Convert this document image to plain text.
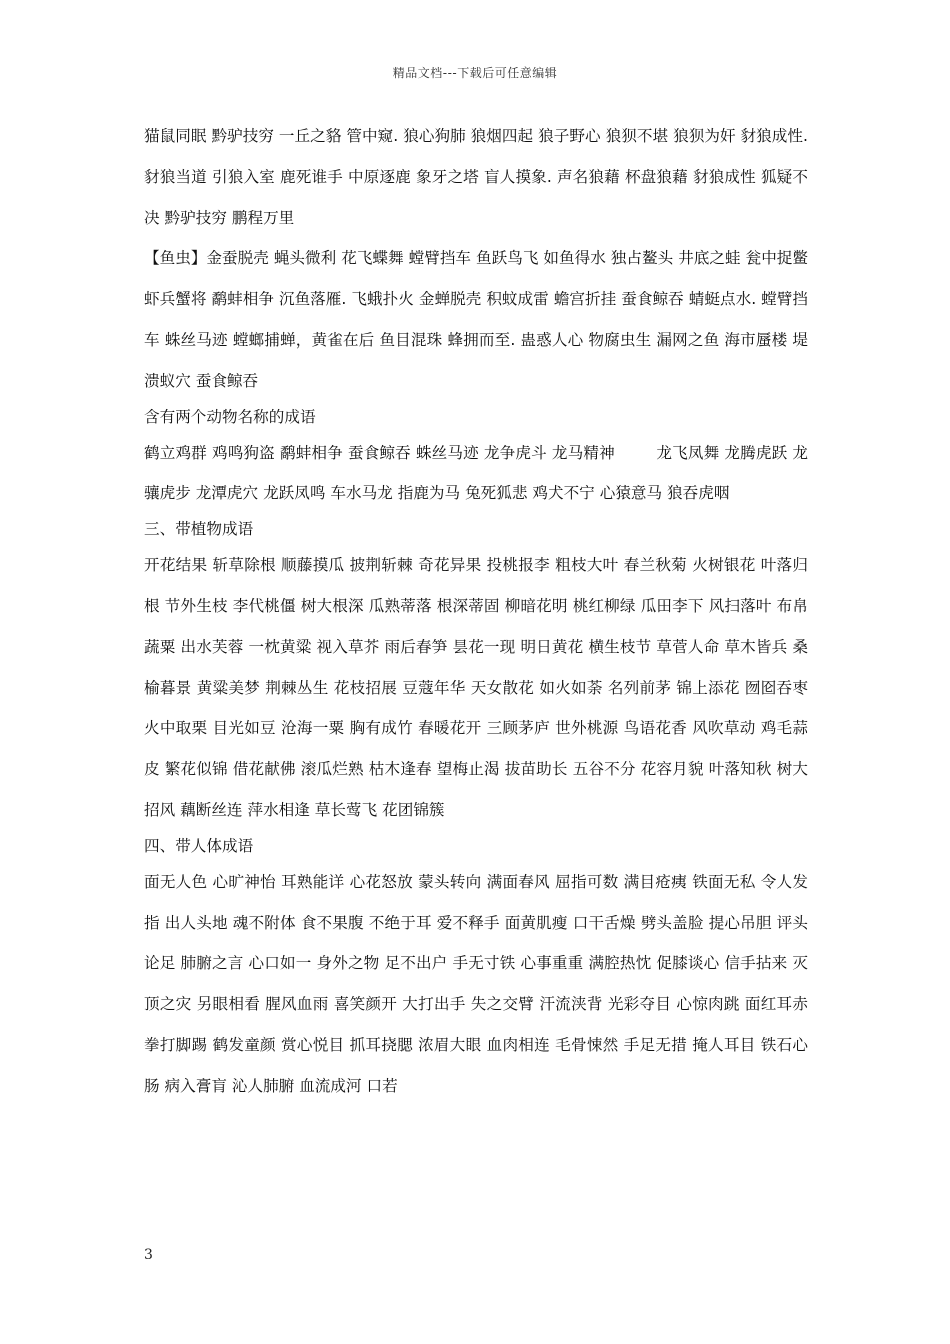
精品文档---下载后可任意编辑

猫鼠同眠 黔驴技穷 一丘之貉 管中窥. 狼心狗肺 狼烟四起 狼子野心 狼狈不堪 狼狈为奸 豺狼成性. 豺狼当道 引狼入室 鹿死谁手 中原逐鹿 象牙之塔 盲人摸象. 声名狼藉 杯盘狼藉 豺狼成性 狐疑不决 黔驴技穷 鹏程万里

【鱼虫】金蚕脱壳 蝇头微利 花飞蝶舞 螳臂挡车 鱼跃鸟飞 如鱼得水 独占鳌头 井底之蛙 瓮中捉鳖 虾兵蟹将 鹬蚌相争 沉鱼落雁. 飞蛾扑火 金蝉脱壳 积蚊成雷 蟾宫折挂 蚕食鲸吞 蜻蜓点水. 螳臂挡车 蛛丝马迹 螳螂捕蝉，黄雀在后 鱼目混珠 蜂拥而至. 蛊惑人心 物腐虫生 漏网之鱼 海市蜃楼 堤溃蚁穴 蚕食鲸吞

含有两个动物名称的成语

鹤立鸡群 鸡鸣狗盗 鹬蚌相争 蚕食鲸吞 蛛丝马迹 龙争虎斗 龙马精神 　　 龙飞凤舞 龙腾虎跃 龙骧虎步 龙潭虎穴 龙跃凤鸣 车水马龙 指鹿为马 兔死狐悲 鸡犬不宁 心猿意马 狼吞虎咽

三、带植物成语

开花结果 斩草除根 顺藤摸瓜 披荆斩棘 奇花异果 投桃报李 粗枝大叶 春兰秋菊 火树银花 叶落归根 节外生枝 李代桃僵 树大根深 瓜熟蒂落 根深蒂固 柳暗花明 桃红柳绿 瓜田李下 风扫落叶 布帛蔬粟 出水芙蓉 一枕黄粱 视入草芥 雨后春笋 昙花一现 明日黄花 横生枝节 草菅人命 草木皆兵 桑榆暮景 黄粱美梦 荆棘丛生 花枝招展 豆蔻年华 天女散花 如火如荼 名列前茅 锦上添花 囫囵吞枣 火中取栗 目光如豆 沧海一粟 胸有成竹 春暖花开 三顾茅庐 世外桃源 鸟语花香 风吹草动 鸡毛蒜皮 繁花似锦 借花献佛 滚瓜烂熟 枯木逢春 望梅止渴 拔苗助长 五谷不分 花容月貌 叶落知秋 树大招风 藕断丝连 萍水相逢 草长莺飞 花团锦簇

四、带人体成语

面无人色 心旷神怡 耳熟能详 心花怒放 蒙头转向 满面春风 屈指可数 满目疮痍 铁面无私 令人发指 出人头地 魂不附体 食不果腹 不绝于耳 爱不释手 面黄肌瘦 口干舌燥 劈头盖脸 提心吊胆 评头论足 肺腑之言 心口如一 身外之物 足不出户 手无寸铁 心事重重 满腔热忱 促膝谈心 信手拈来 灭顶之灾 另眼相看 腥风血雨 喜笑颜开 大打出手 失之交臂 汗流浃背 光彩夺目 心惊肉跳 面红耳赤 拳打脚踢 鹤发童颜 赏心悦目 抓耳挠腮 浓眉大眼 血肉相连 毛骨悚然 手足无措 掩人耳目 铁石心肠 病入膏肓 沁人肺腑 血流成河 口若

3
